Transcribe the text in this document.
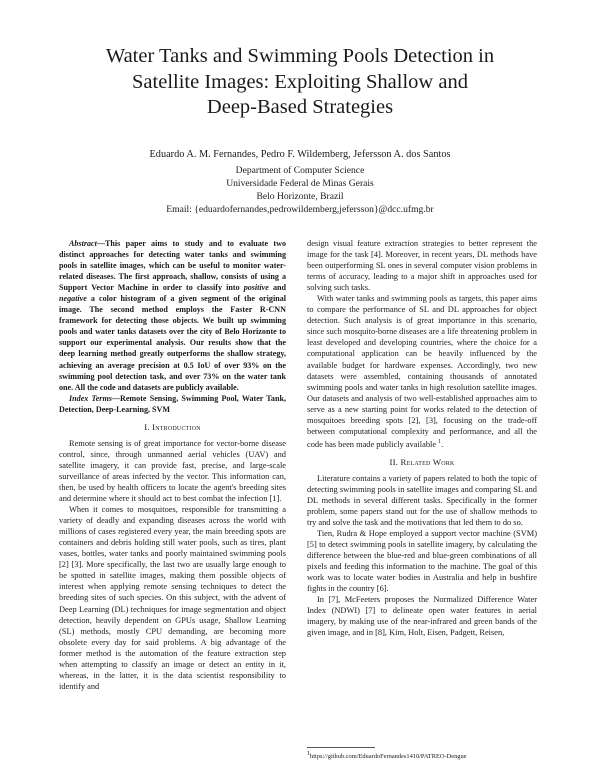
Water Tanks and Swimming Pools Detection in
Satellite Images: Exploiting Shallow and
Deep-Based Strategies
Eduardo A. M. Fernandes, Pedro F. Wildemberg, Jefersson A. dos Santos
Department of Computer Science
Universidade Federal de Minas Gerais
Belo Horizonte, Brazil
Email: {eduardofernandes,pedrowildemberg,jefersson}@dcc.ufmg.br

Abstract—This paper aims to study and to evaluate two distinct approaches for detecting water tanks and swimming pools in satellite images, which can be useful to monitor water-related diseases. The first approach, shallow, consists of using a Support Vector Machine in order to classify into positive and negative a color histogram of a given segment of the original image. The second method employs the Faster R-CNN framework for detecting those objects. We built up swimming pools and water tanks datasets over the city of Belo Horizonte to support our experimental analysis. Our results show that the deep learning method greatly outperforms the shallow strategy, achieving an average precision at 0.5 IoU of over 93% on the swimming pool detection task, and over 73% on the water tank one. All the code and datasets are publicly available.

Index Terms—Remote Sensing, Swimming Pool, Water Tank, Detection, Deep-Learning, SVM

I. Introduction

Remote sensing is of great importance for vector-borne disease control, since, through unmanned aerial vehicles (UAV) and satellite imagery, it can provide fast, precise, and large-scale surveillance of areas infected by the vector. This information can, then, be used by health officers to locate the agent's breeding sites and determine where it should act to best combat the infection [1].

When it comes to mosquitoes, responsible for transmitting a variety of deadly and expanding diseases across the world with millions of cases registered every year, the main breeding spots are containers and debris holding still water pools, such as tires, plant vases, bottles, water tanks and poorly maintained swimming pools [2] [3]. More specifically, the last two are usually large enough to be spotted in satellite images, making them possible objects of interest when applying remote sensing techniques to detect the breeding sites of such species. On this subject, with the advent of Deep Learning (DL) techniques for image segmentation and object detection, heavily dependent on GPUs usage, Shallow Learning (SL) methods, mostly CPU demanding, are becoming more obsolete every day for said problems. A big advantage of the former method is the automation of the feature extraction step when attempting to classify an image or detect an entity in it, whereas, in the latter, it is the data scientist responsibility to identify and

design visual feature extraction strategies to better represent the image for the task [4]. Moreover, in recent years, DL methods have been outperforming SL ones in several computer vision problems in terms of accuracy, leading to a major shift in approaches used for solving such tasks.

With water tanks and swimming pools as targets, this paper aims to compare the performance of SL and DL approaches for object detection. Such analysis is of great importance in this scenario, since such mosquito-borne diseases are a life threatening problem in least developed and developing countries, where the choice for a computational application can be heavily influenced by the available budget for hardware expenses. Accordingly, two new datasets were assembled, containing thousands of annotated swimming pools and water tanks in high resolution satellite images. Our datasets and analysis of two well-established approaches aim to serve as a new starting point for works related to the detection of mosquitoes breeding spots [2], [3], focusing on the trade-off between computational complexity and performance, and all the code has been made publicly available $^1$.

II. Related Work

Literature contains a variety of papers related to both the topic of detecting swimming pools in satellite images and comparing SL and DL methods in several different tasks. Specifically in the former problem, some papers stand out for the use of shallow methods to try and solve the task and the motivations that led them to do so.

Tien, Rudra & Hope employed a support vector machine (SVM) [5] to detect swimming pools in satellite imagery, by calculating the difference between the blue-red and blue-green combinations of all pixels and feeding this information to the machine. The goal of this work was to locate water bodies in Australia and help in bushfire fights in the country [6].

In [7], McFeeters proposes the Normalized Difference Water Index (NDWI) [7] to delineate open water features in aerial imagery, by making use of the near-infrared and green bands of the given image, and in [8], Kim, Holt, Eisen, Padgett, Reisen,

$^1$https://github.com/EduardoFernandes1410/PATREO-Dengue
